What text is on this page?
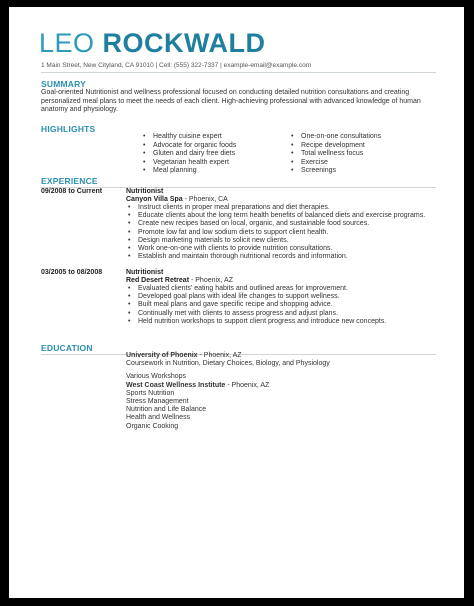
LEO ROCKWALD
1 Main Street, New Cityland, CA 91010 | Cell: (555) 322-7337 | example-email@example.com
SUMMARY
Goal-oriented Nutritionist and wellness professional focused on conducting detailed nutrition consultations and creating personalized meal plans to meet the needs of each client. High-achieving professional with advanced knowledge of human anatomy and physiology.
HIGHLIGHTS
• Healthy cuisine expert
• Advocate for organic foods
• Gluten and dairy free diets
• Vegetarian health expert
• Meal planning
• One-on-one consultations
• Recipe development
• Total wellness focus
• Exercise
• Screenings
EXPERIENCE
09/2008 to Current	Nutritionist
Canyon Villa Spa - Phoenix, CA
• Instruct clients in proper meal preparations and diet therapies.
• Educate clients about the long term health benefits of balanced diets and exercise programs.
• Create new recipes based on local, organic, and sustainable food sources.
• Promote low fat and low sodium diets to support client health.
• Design marketing materials to solicit new clients.
• Work one-on-one with clients to provide nutrition consultations.
• Establish and maintain thorough nutritional records and information.
03/2005 to 08/2008	Nutritionist
Red Desert Retreat - Phoenix, AZ
• Evaluated clients' eating habits and outlined areas for improvement.
• Developed goal plans with ideal life changes to support wellness.
• Built meal plans and gave specific recipe and shopping advice.
• Continually met with clients to assess progress and adjust plans.
• Held nutrition workshops to support client progress and introduce new concepts.
EDUCATION
University of Phoenix - Phoenix, AZ
Coursework in Nutrition, Dietary Choices, Biology, and Physiology
Various Workshops
West Coast Wellness Institute - Phoenix, AZ
Sports Nutrition
Stress Management
Nutrition and Life Balance
Health and Wellness
Organic Cooking
